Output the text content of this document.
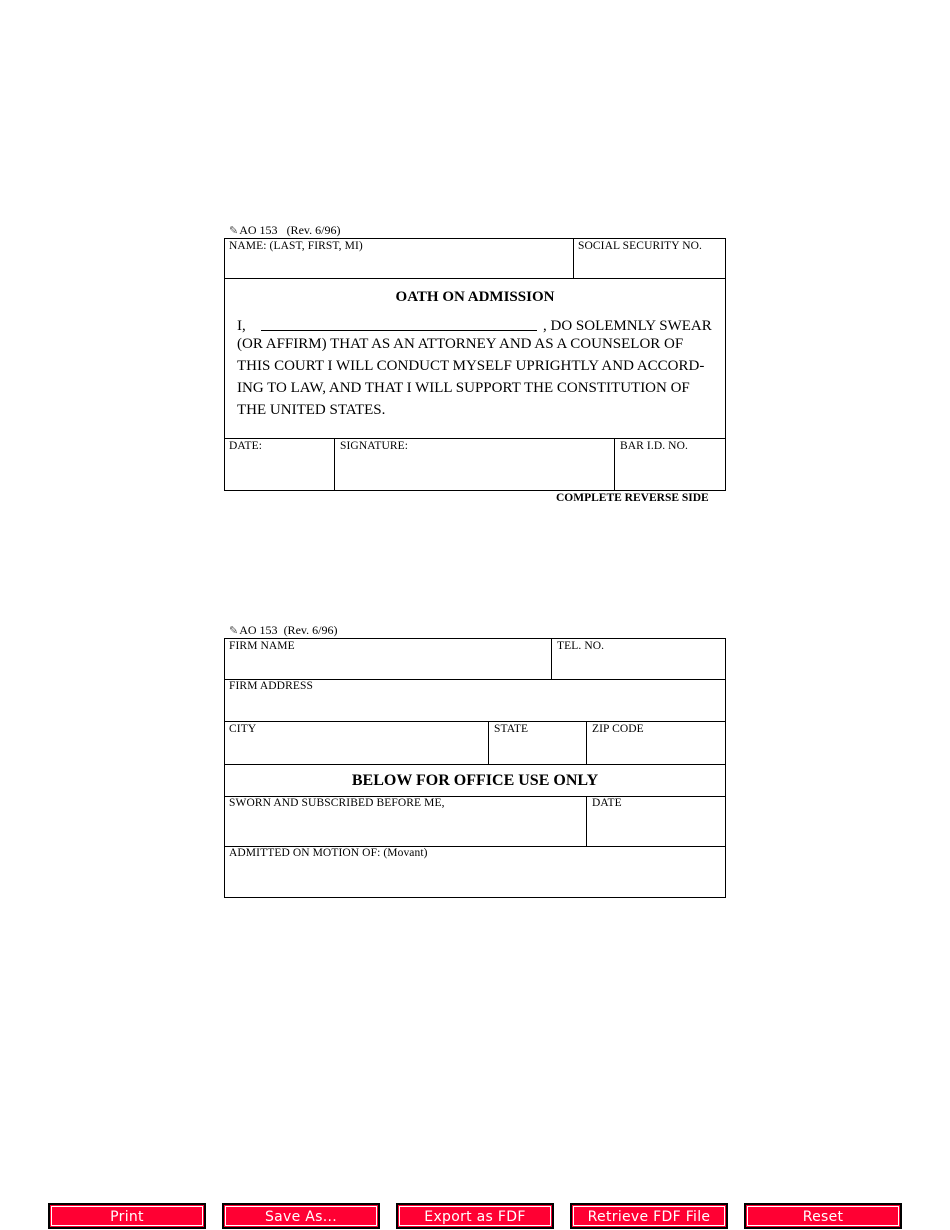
✎AO 153 (Rev. 6/96)
NAME: (LAST, FIRST, MI)	SOCIAL SECURITY NO.
OATH ON ADMISSION
I,	, DO SOLEMNLY SWEAR
(OR AFFIRM) THAT AS AN ATTORNEY AND AS A COUNSELOR OF
THIS COURT I WILL CONDUCT MYSELF UPRIGHTLY AND ACCORD-
ING TO LAW, AND THAT I WILL SUPPORT THE CONSTITUTION OF
THE UNITED STATES.
DATE:	SIGNATURE:	BAR I.D. NO.
COMPLETE REVERSE SIDE
✎AO 153 (Rev. 6/96)
FIRM NAME	TEL. NO.
FIRM ADDRESS
CITY	STATE	ZIP CODE
BELOW FOR OFFICE USE ONLY
SWORN AND SUBSCRIBED BEFORE ME,	DATE
ADMITTED ON MOTION OF: (Movant)
Print	Save As...	Export as FDF	Retrieve FDF File	Reset
